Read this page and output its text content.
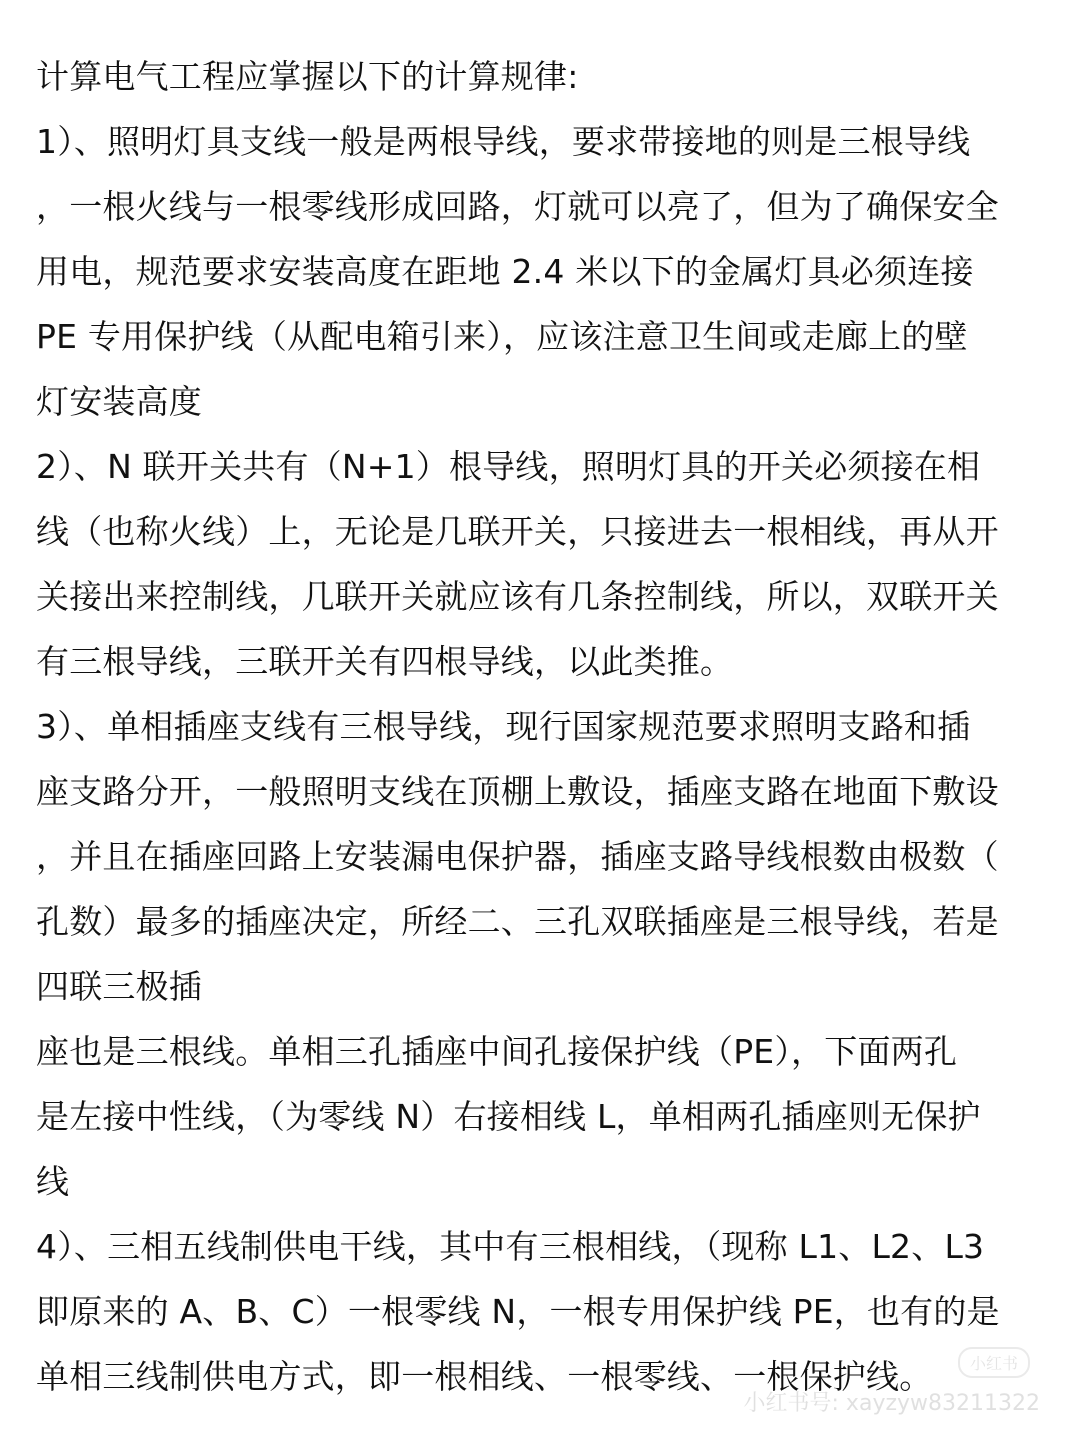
计算电气工程应掌握以下的计算规律:
1）、照明灯具支线一般是两根导线，要求带接地的则是三根导线
，一根火线与一根零线形成回路，灯就可以亮了，但为了确保安全
用电，规范要求安装高度在距地 2.4 米以下的金属灯具必须连接
PE 专用保护线（从配电箱引来），应该注意卫生间或走廊上的壁
灯安装高度
2）、N 联开关共有（N+1）根导线，照明灯具的开关必须接在相
线（也称火线）上，无论是几联开关，只接进去一根相线，再从开
关接出来控制线，几联开关就应该有几条控制线，所以，双联开关
有三根导线，三联开关有四根导线，以此类推。
3）、单相插座支线有三根导线，现行国家规范要求照明支路和插
座支路分开，一般照明支线在顶棚上敷设，插座支路在地面下敷设
，并且在插座回路上安装漏电保护器，插座支路导线根数由极数（
孔数）最多的插座决定，所经二、三孔双联插座是三根导线，若是
四联三极插
座也是三根线。单相三孔插座中间孔接保护线（PE），下面两孔
是左接中性线，（为零线 N）右接相线 L，单相两孔插座则无保护
线
4）、三相五线制供电干线，其中有三根相线，（现称 L1、L2、L3
即原来的 A、B、C）一根零线 N，一根专用保护线 PE，也有的是
单相三线制供电方式，即一根相线、一根零线、一根保护线。	小红书
小红书号: xayzyw83211322
